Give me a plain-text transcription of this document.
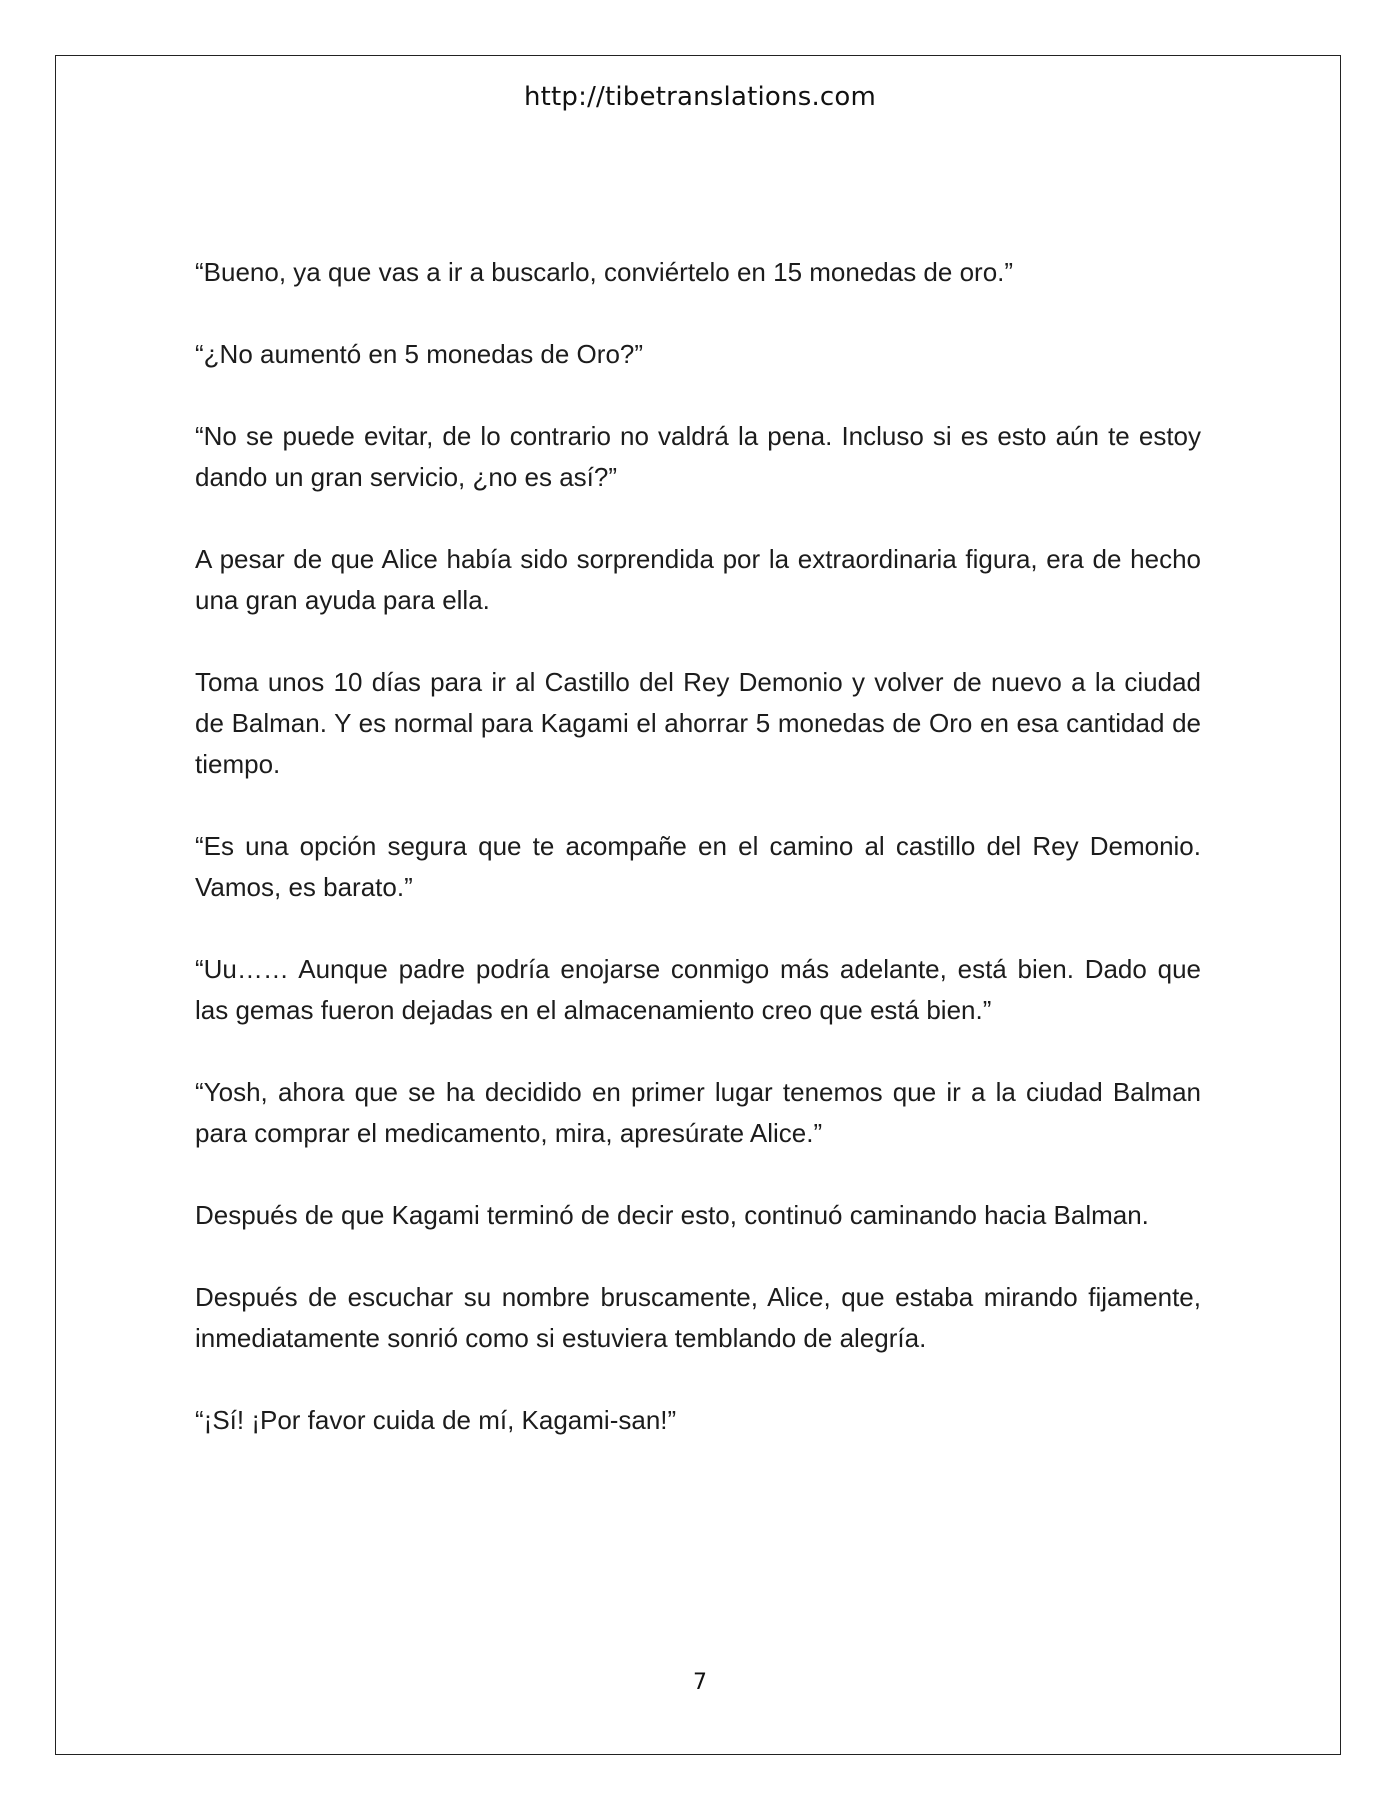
http://tibetranslations.com

“Bueno, ya que vas a ir a buscarlo, conviértelo en 15 monedas de oro.”

“¿No aumentó en 5 monedas de Oro?”

“No se puede evitar, de lo contrario no valdrá la pena. Incluso si es esto aún te estoy dando un gran servicio, ¿no es así?”

A pesar de que Alice había sido sorprendida por la extraordinaria figura, era de hecho una gran ayuda para ella.

Toma unos 10 días para ir al Castillo del Rey Demonio y volver de nuevo a la ciudad de Balman. Y es normal para Kagami el ahorrar 5 monedas de Oro en esa cantidad de tiempo.

“Es una opción segura que te acompañe en el camino al castillo del Rey Demonio. Vamos, es barato.”

“Uu…… Aunque padre podría enojarse conmigo más adelante, está bien. Dado que las gemas fueron dejadas en el almacenamiento creo que está bien.”

“Yosh, ahora que se ha decidido en primer lugar tenemos que ir a la ciudad Balman para comprar el medicamento, mira, apresúrate Alice.”

Después de que Kagami terminó de decir esto, continuó caminando hacia Balman.

Después de escuchar su nombre bruscamente, Alice, que estaba mirando fijamente, inmediatamente sonrió como si estuviera temblando de alegría.

“¡Sí! ¡Por favor cuida de mí, Kagami-san!”

7
